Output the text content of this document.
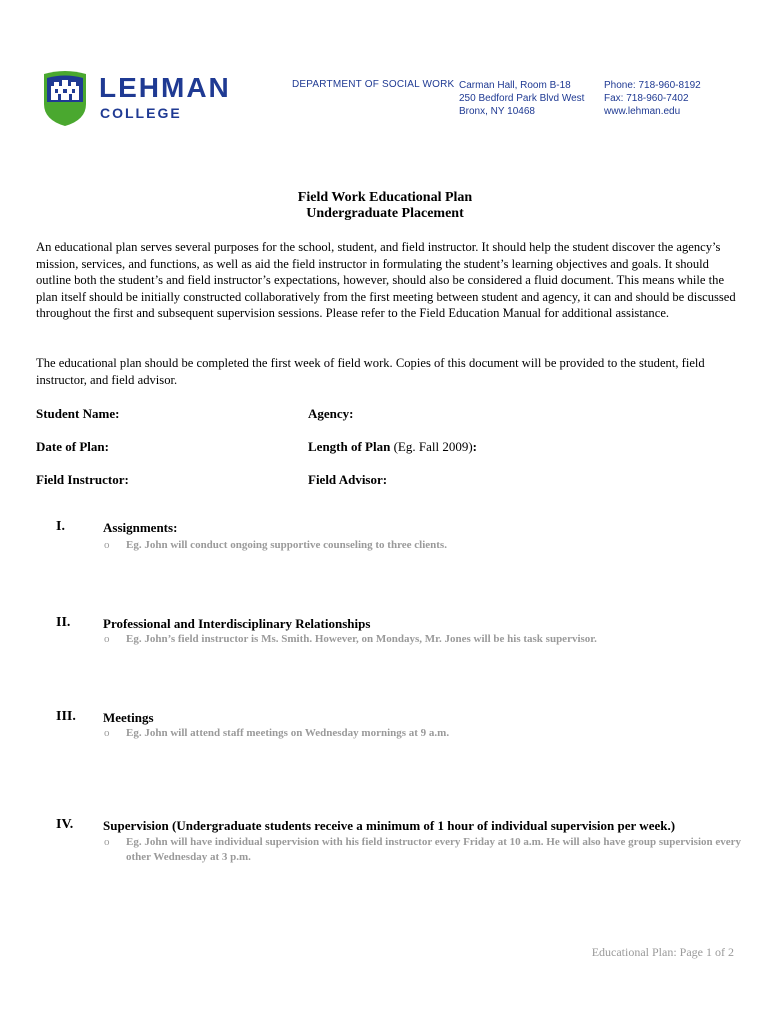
LEHMAN
COLLEGE
DEPARTMENT OF SOCIAL WORK Carman Hall, Room B-18
250 Bedford Park Blvd West
Bronx, NY 10468
Phone: 718-960-8192
Fax: 718-960-7402
www.lehman.edu
Field Work Educational Plan
Undergraduate Placement
An educational plan serves several purposes for the school, student, and field instructor. It should help the student discover the agency’s mission, services, and functions, as well as aid the field instructor in formulating the student’s learning objectives and goals. It should outline both the student’s and field instructor’s expectations, however, should also be considered a fluid document. This means while the plan itself should be initially constructed collaboratively from the first meeting between student and agency, it can and should be discussed throughout the first and subsequent supervision sessions. Please refer to the Field Education Manual for additional assistance.
The educational plan should be completed the first week of field work. Copies of this document will be provided to the student, field instructor, and field advisor.
Student Name:	Agency:
Date of Plan:	Length of Plan (Eg. Fall 2009):
Field Instructor:	Field Advisor:
I.	Assignments:
o Eg. John will conduct ongoing supportive counseling to three clients.
II.	Professional and Interdisciplinary Relationships
o Eg. John’s field instructor is Ms. Smith. However, on Mondays, Mr. Jones will be his task supervisor.
III. Meetings
o Eg. John will attend staff meetings on Wednesday mornings at 9 a.m.
IV. Supervision (Undergraduate students receive a minimum of 1 hour of individual supervision per week.)
o Eg. John will have individual supervision with his field instructor every Friday at 10 a.m. He will also have group supervision every other Wednesday at 3 p.m.
Educational Plan: Page 1 of 2
